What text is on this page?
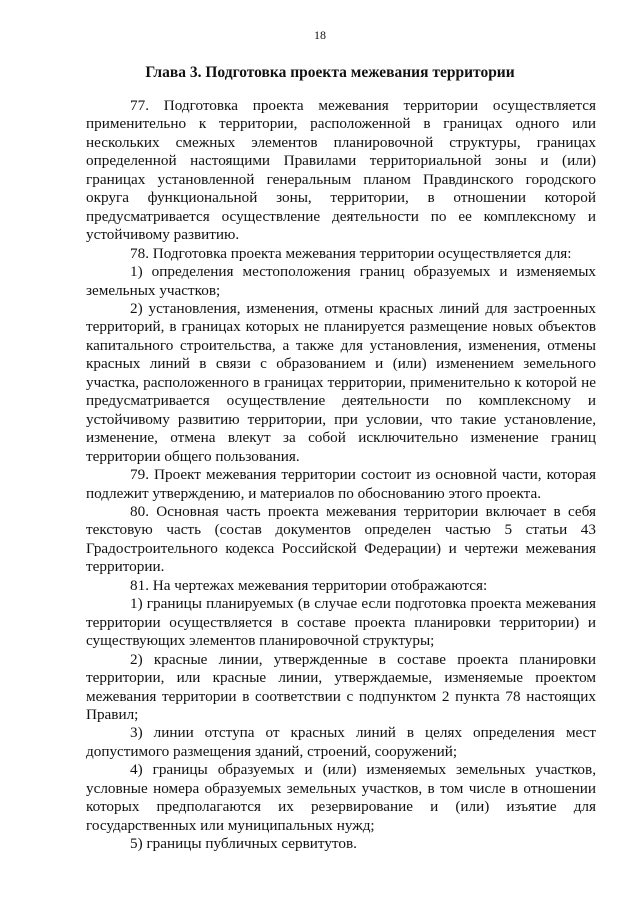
18
Глава 3. Подготовка проекта межевания территории

77. Подготовка проекта межевания территории осуществляется применительно к территории, расположенной в границах одного или нескольких смежных элементов планировочной структуры, границах определенной настоящими Правилами территориальной зоны и (или) границах установленной генеральным планом Правдинского городского округа функциональной зоны, территории, в отношении которой предусматривается осуществление деятельности по ее комплексному и устойчивому развитию.

78. Подготовка проекта межевания территории осуществляется для:

1) определения местоположения границ образуемых и изменяемых земельных участков;

2) установления, изменения, отмены красных линий для застроенных территорий, в границах которых не планируется размещение новых объектов капитального строительства, а также для установления, изменения, отмены красных линий в связи с образованием и (или) изменением земельного участка, расположенного в границах территории, применительно к которой не предусматривается осуществление деятельности по комплексному и устойчивому развитию территории, при условии, что такие установление, изменение, отмена влекут за собой исключительно изменение границ территории общего пользования.

79. Проект межевания территории состоит из основной части, которая подлежит утверждению, и материалов по обоснованию этого проекта.

80. Основная часть проекта межевания территории включает в себя текстовую часть (состав документов определен частью 5 статьи 43 Градостроительного кодекса Российской Федерации) и чертежи межевания территории.

81. На чертежах межевания территории отображаются:

1) границы планируемых (в случае если подготовка проекта межевания территории осуществляется в составе проекта планировки территории) и существующих элементов планировочной структуры;

2) красные линии, утвержденные в составе проекта планировки территории, или красные линии, утверждаемые, изменяемые проектом межевания территории в соответствии с подпунктом 2 пункта 78 настоящих Правил;

3) линии отступа от красных линий в целях определения мест допустимого размещения зданий, строений, сооружений;

4) границы образуемых и (или) изменяемых земельных участков, условные номера образуемых земельных участков, в том числе в отношении которых предполагаются их резервирование и (или) изъятие для государственных или муниципальных нужд;

5) границы публичных сервитутов.
